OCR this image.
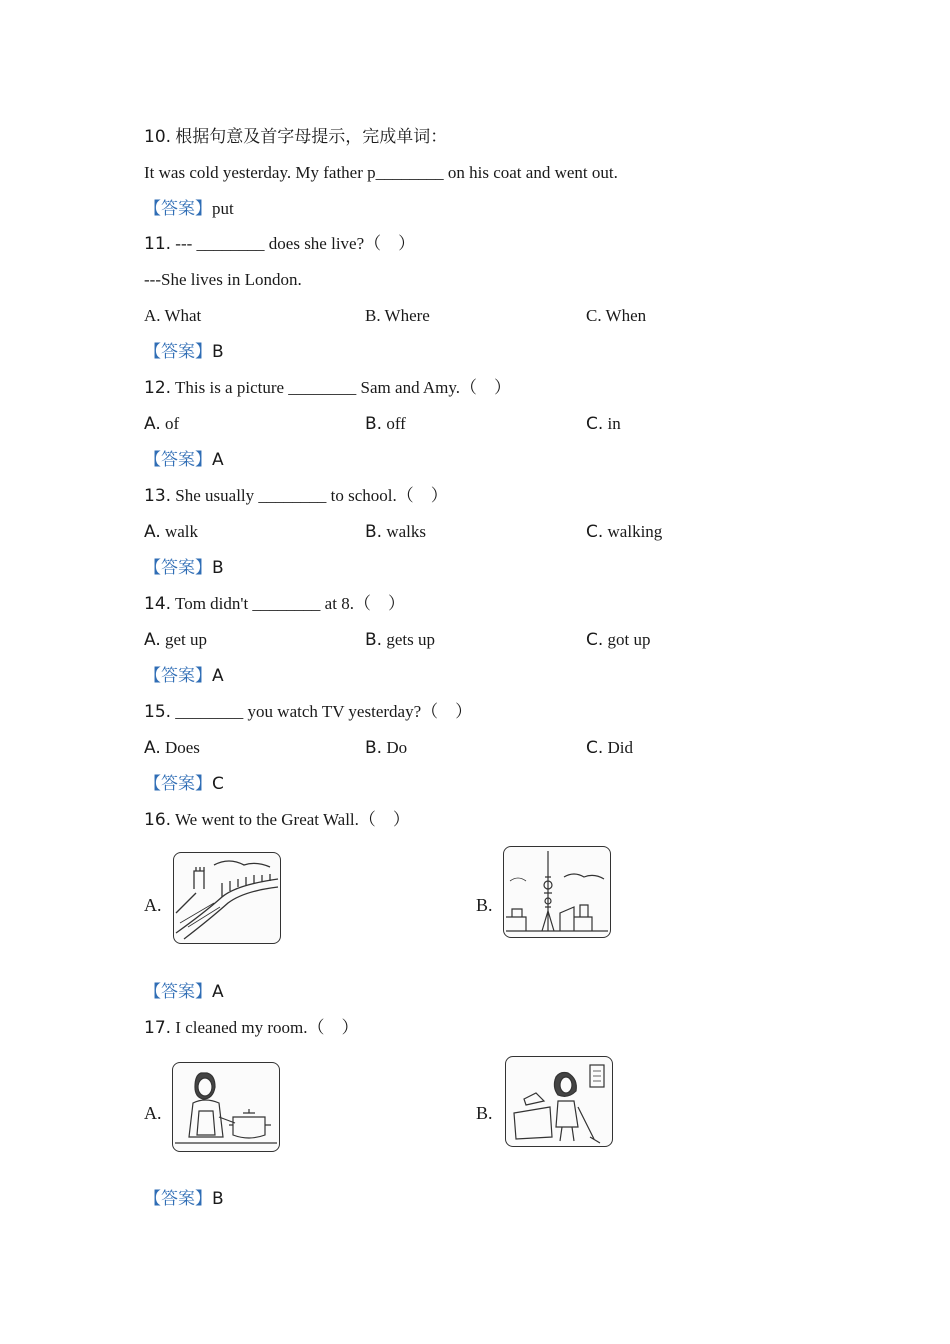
10. 根据句意及首字母提示，完成单词：
It was cold yesterday. My father p________ on his coat and went out.
【答案】put
11. --- ________ does she live?（　）
---She lives in London.
A. What	B. Where	C. When
【答案】B
12. This is a picture ________ Sam and Amy.（　）
A. of	B. off	C. in
【答案】A
13. She usually ________ to school.（　）
A. walk	B. walks	C. walking
【答案】B
14. Tom didn't ________ at 8.（　）
A. get up	B. gets up	C. got up
【答案】A
15. ________ you watch TV yesterday?（　）
A. Does	B. Do	C. Did
【答案】C
16. We went to the Great Wall.（　）
A.	B.
【答案】A
17. I cleaned my room.（　）
A.	B.
【答案】B
